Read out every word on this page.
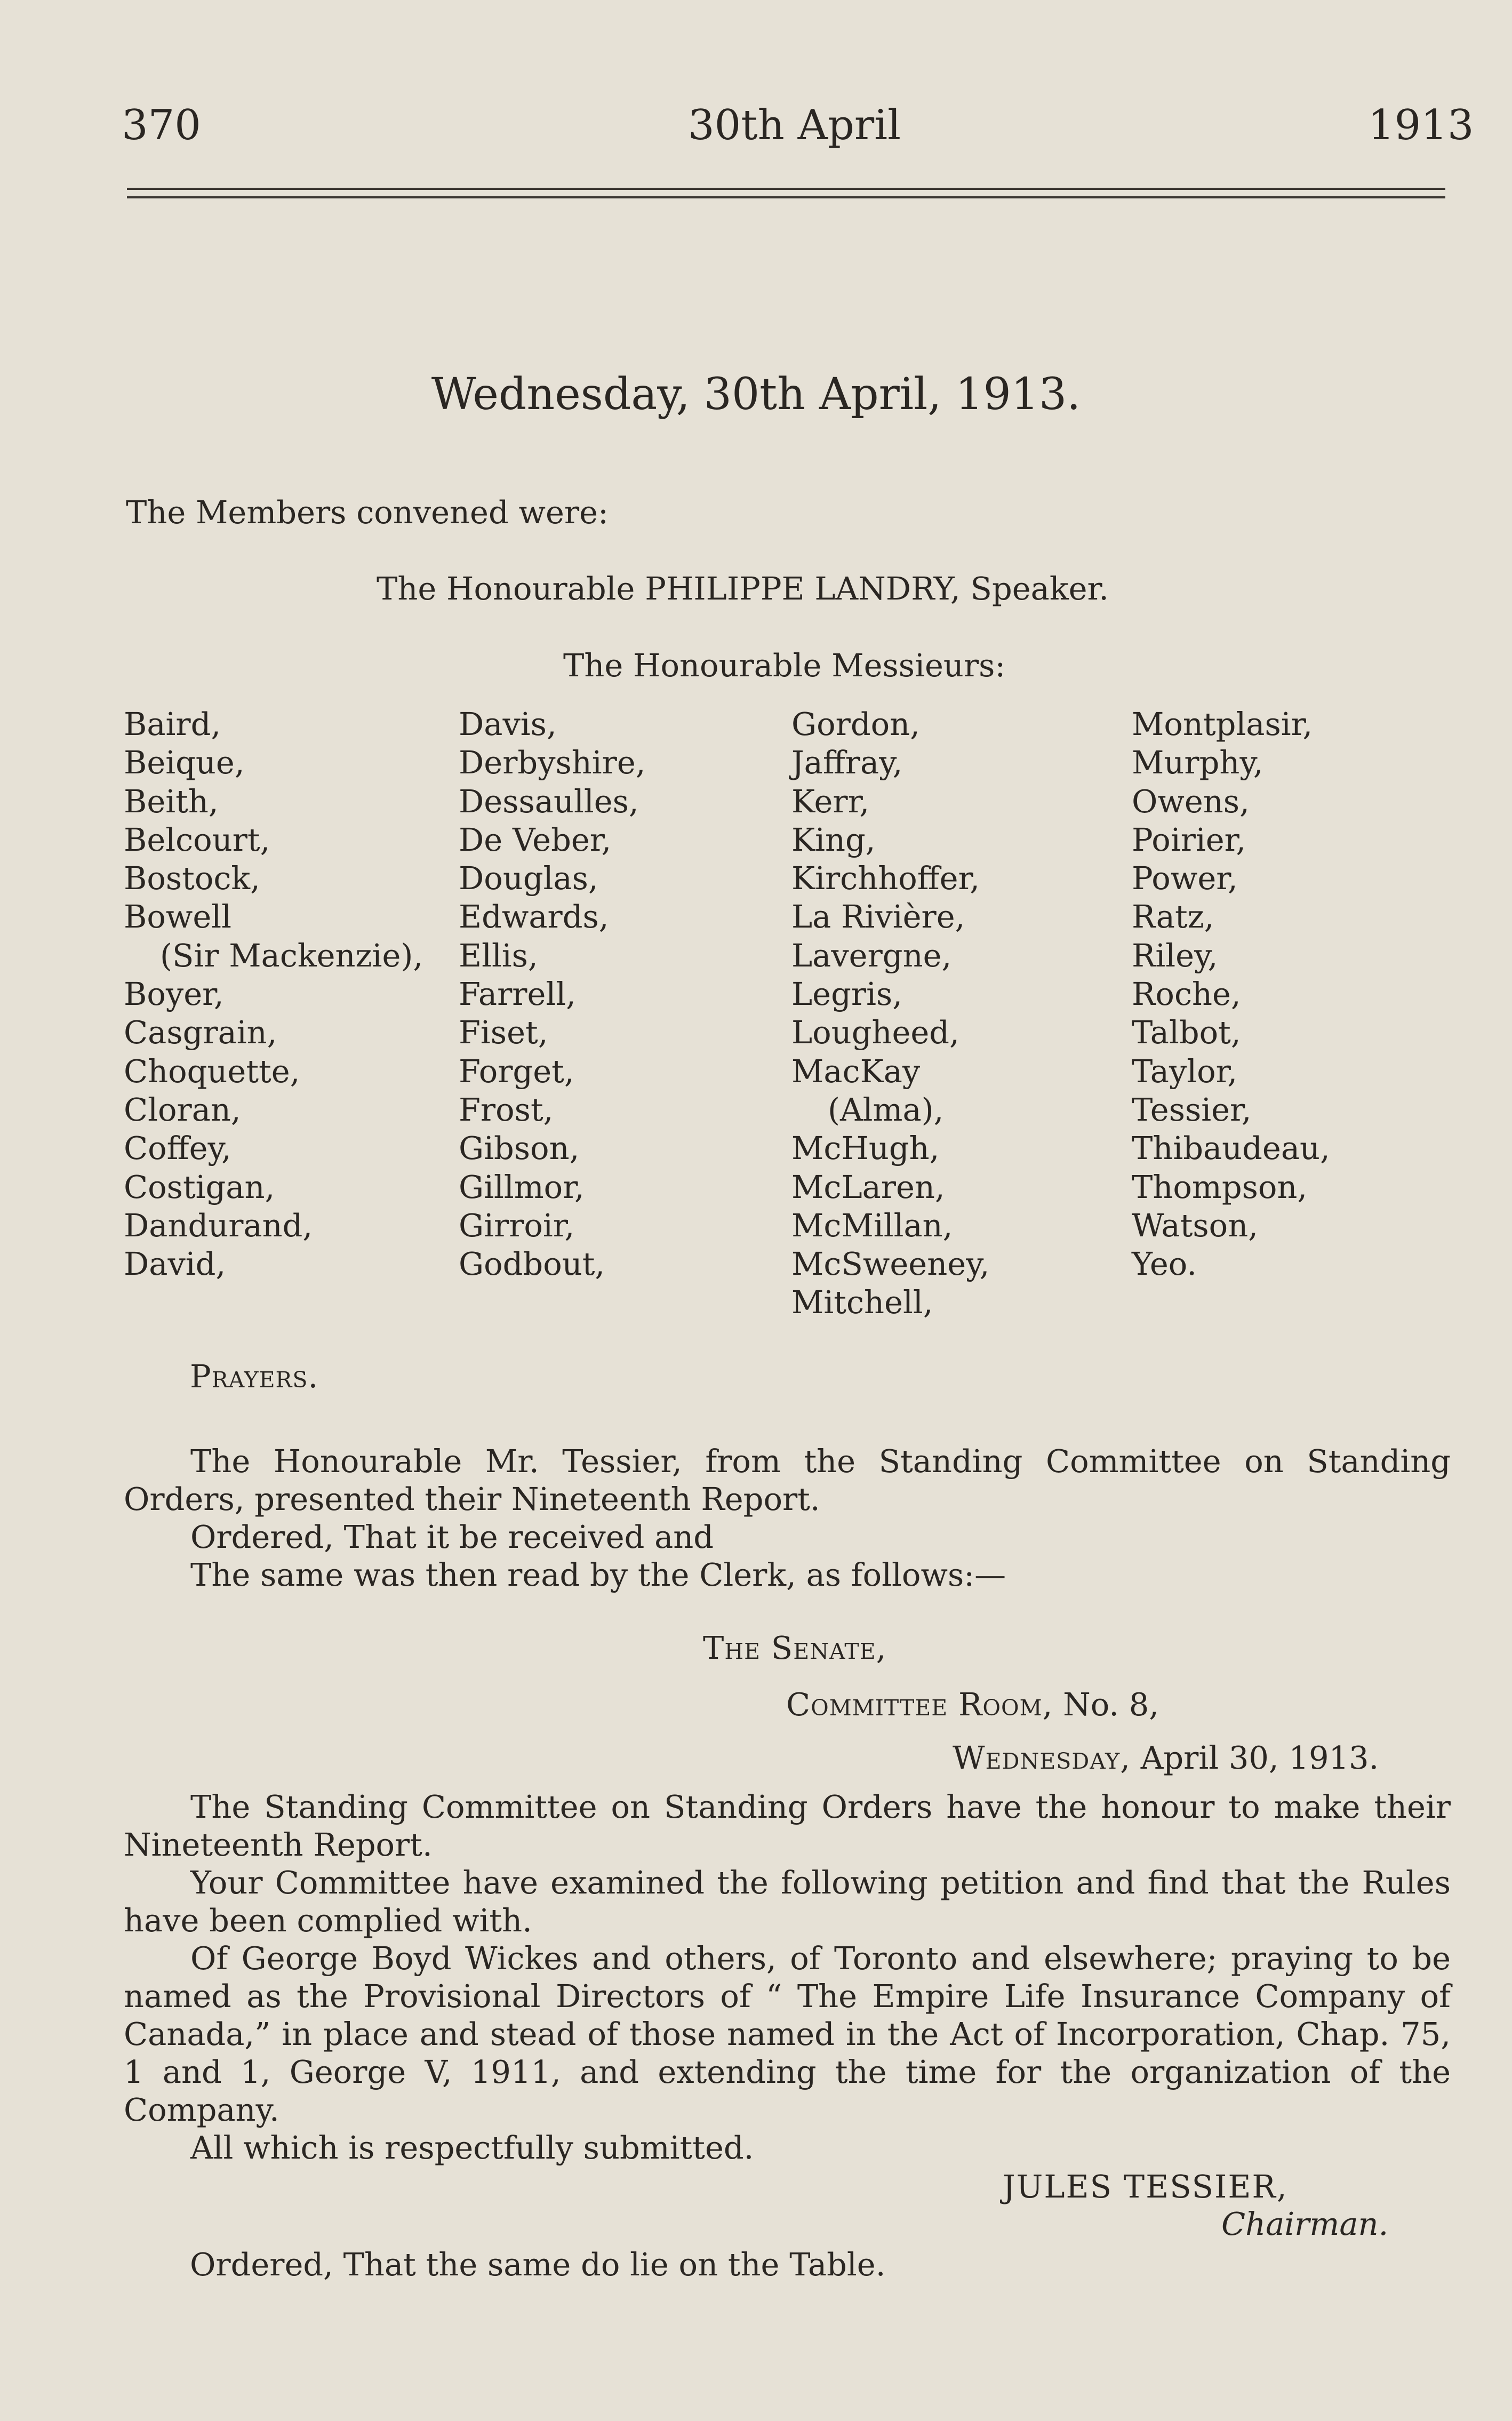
370	30th April	1913
Wednesday, 30th April, 1913.
The Members convened were:
The Honourable PHILIPPE LANDRY, Speaker.
The Honourable Messieurs:
Baird,
Beique,
Beith,
Belcourt,
Bostock,
Bowell
(Sir Mackenzie),
Boyer,
Casgrain,
Choquette,
Cloran,
Coffey,
Costigan,
Dandurand,
David,
Davis,
Derbyshire,
Dessaulles,
De Veber,
Douglas,
Edwards,
Ellis,
Farrell,
Fiset,
Forget,
Frost,
Gibson,
Gillmor,
Girroir,
Godbout,
Gordon,
Jaffray,
Kerr,
King,
Kirchhoffer,
La Rivière,
Lavergne,
Legris,
Lougheed,
MacKay
(Alma),
McHugh,
McLaren,
McMillan,
McSweeney,
Mitchell,
Montplasir,
Murphy,
Owens,
Poirier,
Power,
Ratz,
Riley,
Roche,
Talbot,
Taylor,
Tessier,
Thibaudeau,
Thompson,
Watson,
Yeo.
Prayers.
The Honourable Mr. Tessier, from the Standing Committee on Standing Orders, presented their Nineteenth Report.
Ordered, That it be received and
The same was then read by the Clerk, as follows:—
The Senate,
Committee Room, No. 8,
Wednesday, April 30, 1913.
The Standing Committee on Standing Orders have the honour to make their Nineteenth Report.
Your Committee have examined the following petition and find that the Rules have been complied with.
Of George Boyd Wickes and others, of Toronto and elsewhere; praying to be named as the Provisional Directors of “ The Empire Life Insurance Company of Canada,” in place and stead of those named in the Act of Incorporation, Chap. 75, 1 and 1, George V, 1911, and extending the time for the organization of the Company.
All which is respectfully submitted.
JULES TESSIER,
Chairman.
Ordered, That the same do lie on the Table.
